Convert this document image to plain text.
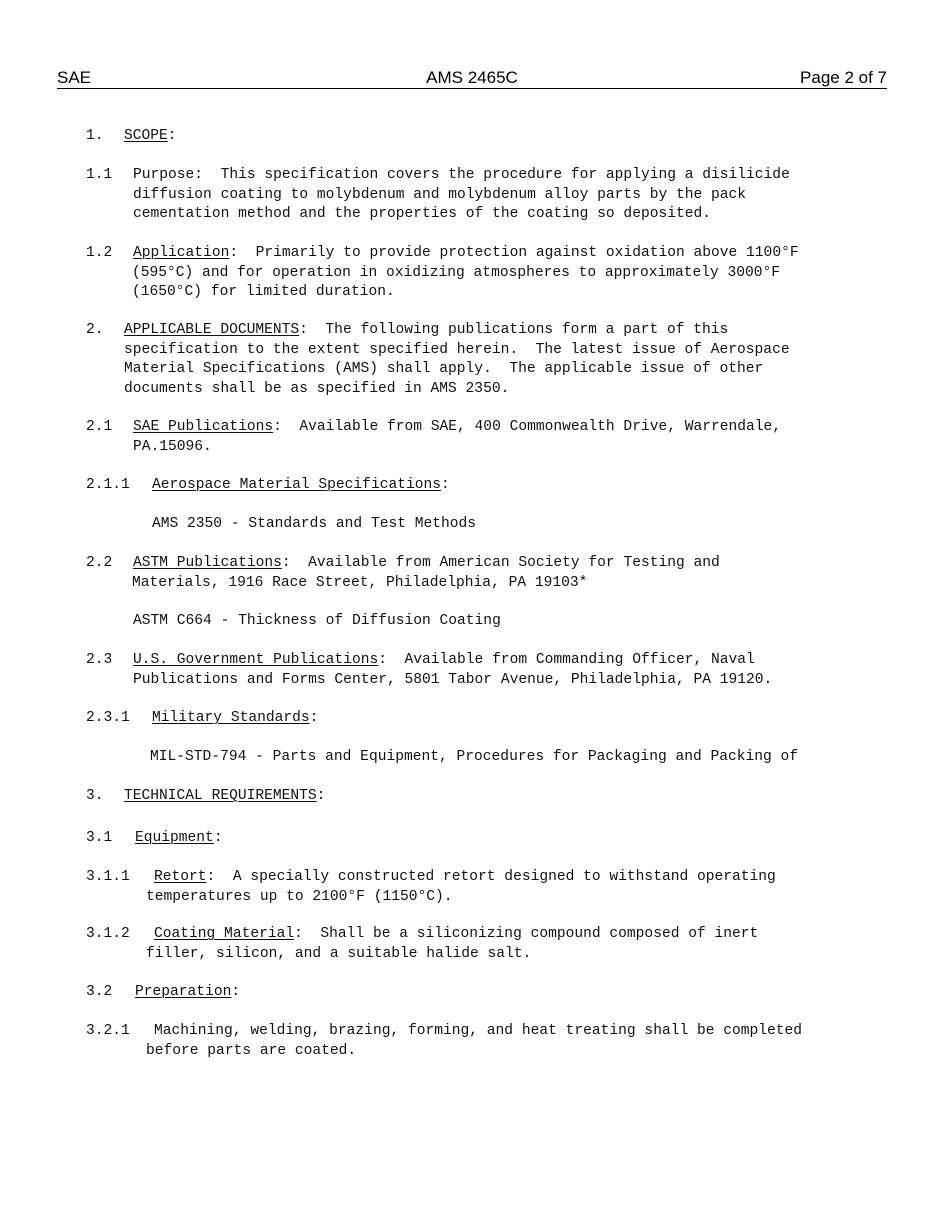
SAE	AMS 2465C	Page 2 of 7
1. SCOPE:
1.1 Purpose:  This specification covers the procedure for applying a disilicide
diffusion coating to molybdenum and molybdenum alloy parts by the pack
cementation method and the properties of the coating so deposited.
1.2 Application:  Primarily to provide protection against oxidation above 1100°F
(595°C) and for operation in oxidizing atmospheres to approximately 3000°F
(1650°C) for limited duration.
2. APPLICABLE DOCUMENTS:  The following publications form a part of this
specification to the extent specified herein.  The latest issue of Aerospace
Material Specifications (AMS) shall apply.  The applicable issue of other
documents shall be as specified in AMS 2350.
2.1 SAE Publications:  Available from SAE, 400 Commonwealth Drive, Warrendale,
PA.15096.
2.1.1 Aerospace Material Specifications:
AMS 2350 - Standards and Test Methods
2.2 ASTM Publications:  Available from American Society for Testing and
Materials, 1916 Race Street, Philadelphia, PA 19103*
ASTM C664 - Thickness of Diffusion Coating
2.3 U.S. Government Publications:  Available from Commanding Officer, Naval
Publications and Forms Center, 5801 Tabor Avenue, Philadelphia, PA 19120.
2.3.1 Military Standards:
MIL-STD-794 - Parts and Equipment, Procedures for Packaging and Packing of
3. TECHNICAL REQUIREMENTS:
3.1 Equipment:
3.1.1 Retort:  A specially constructed retort designed to withstand operating
temperatures up to 2100°F (1150°C).
3.1.2 Coating Material:  Shall be a siliconizing compound composed of inert
filler, silicon, and a suitable halide salt.
3.2 Preparation:
3.2.1 Machining, welding, brazing, forming, and heat treating shall be completed
before parts are coated.
